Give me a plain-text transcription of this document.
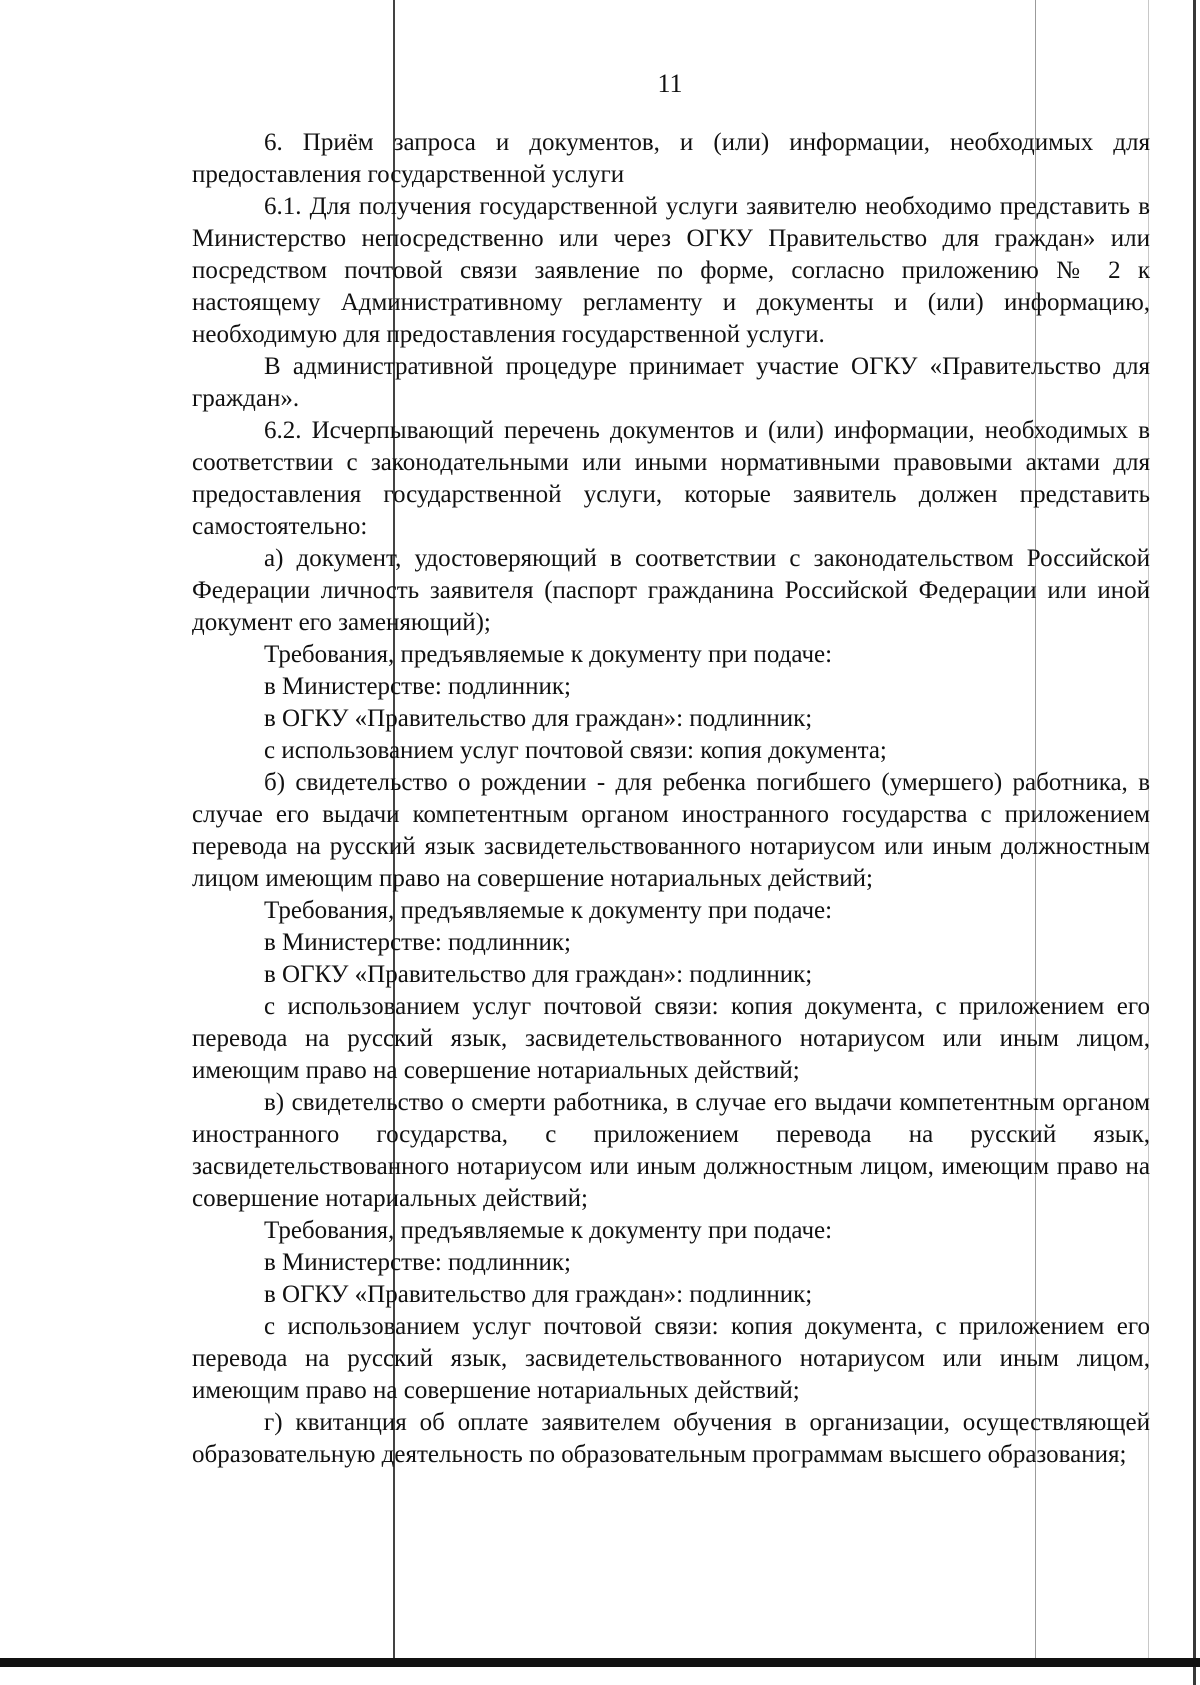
11

6. Приём запроса и документов, и (или) информации, необходимых для предоставления государственной услуги

6.1. Для получения государственной услуги заявителю необходимо представить в Министерство непосредственно или через ОГКУ Правительство для граждан» или посредством почтовой связи заявление по форме, согласно приложению № 2 к настоящему Административному регламенту и документы и (или) информацию, необходимую для предоставления государственной услуги.

В административной процедуре принимает участие ОГКУ «Правительство для граждан».

6.2. Исчерпывающий перечень документов и (или) информации, необходимых в соответствии с законодательными или иными нормативными правовыми актами для предоставления государственной услуги, которые заявитель должен представить самостоятельно:

а) документ, удостоверяющий в соответствии с законодательством Российской Федерации личность заявителя (паспорт гражданина Российской Федерации или иной документ его заменяющий);

Требования, предъявляемые к документу при подаче:

в Министерстве: подлинник;

в ОГКУ «Правительство для граждан»: подлинник;

с использованием услуг почтовой связи: копия документа;

б) свидетельство о рождении - для ребенка погибшего (умершего) работника, в случае его выдачи компетентным органом иностранного государства с приложением перевода на русский язык засвидетельствованного нотариусом или иным должностным лицом имеющим право на совершение нотариальных действий;

Требования, предъявляемые к документу при подаче:

в Министерстве: подлинник;

в ОГКУ «Правительство для граждан»: подлинник;

с использованием услуг почтовой связи: копия документа, с приложением его перевода на русский язык, засвидетельствованного нотариусом или иным лицом, имеющим право на совершение нотариальных действий;

в) свидетельство о смерти работника, в случае его выдачи компетентным органом иностранного государства, с приложением перевода на русский язык, засвидетельствованного нотариусом или иным должностным лицом, имеющим право на совершение нотариальных действий;

Требования, предъявляемые к документу при подаче:

в Министерстве: подлинник;

в ОГКУ «Правительство для граждан»: подлинник;

с использованием услуг почтовой связи: копия документа, с приложением его перевода на русский язык, засвидетельствованного нотариусом или иным лицом, имеющим право на совершение нотариальных действий;

г) квитанция об оплате заявителем обучения в организации, осуществляющей образовательную деятельность по образовательным программам высшего образования;
